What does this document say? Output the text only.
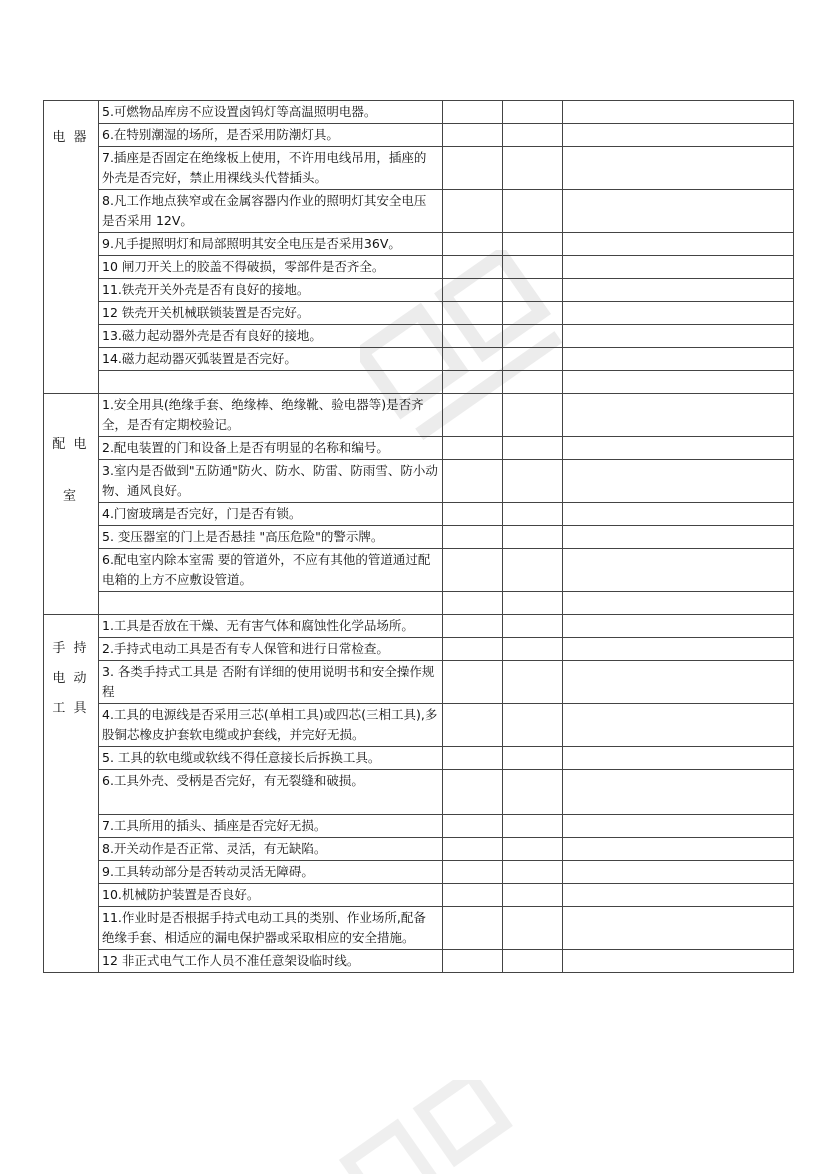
电 器	5.可燃物品库房不应设置卤钨灯等高温照明电器。			
	6.在特别潮湿的场所，是否采用防潮灯具。			
	7.插座是否固定在绝缘板上使用，不许用电线吊用，插座的外壳是否完好，禁止用裸线头代替插头。			
	8.凡工作地点狭窄或在金属容器内作业的照明灯其安全电压是否采用 12V。			
	9.凡手提照明灯和局部照明其安全电压是否采用36V。			
	10 闸刀开关上的胶盖不得破损，零部件是否齐全。			
	11.铁壳开关外壳是否有良好的接地。			
	12 铁壳开关机械联锁装置是否完好。			
	13.磁力起动器外壳是否有良好的接地。			
	14.磁力起动器灭弧装置是否完好。			

配 电
室	1.安全用具(绝缘手套、绝缘棒、绝缘靴、验电器等)是否齐全，是否有定期校验记。			
	2.配电装置的门和设备上是否有明显的名称和编号。			
	3.室内是否做到"五防通"防火、防水、防雷、防雨雪、防小动物、通风良好。			
	4.门窗玻璃是否完好，门是否有锁。			
	5. 变压器室的门上是否悬挂 "高压危险"的警示牌。			
	6.配电室内除本室需 要的管道外，不应有其他的管道通过配电箱的上方不应敷设管道。			

手 持
电 动
工 具	1.工具是否放在干燥、无有害气体和腐蚀性化学品场所。			
	2.手持式电动工具是否有专人保管和进行日常检查。			
	3. 各类手持式工具是 否附有详细的使用说明书和安全操作规程			
	4.工具的电源线是否采用三芯(单相工具)或四芯(三相工具),多股铜芯橡皮护套软电缆或护套线，并完好无损。			
	5. 工具的软电缆或软线不得任意接长后拆换工具。			
	6.工具外壳、受柄是否完好，有无裂缝和破损。			
	7.工具所用的插头、插座是否完好无损。			
	8.开关动作是否正常、灵活，有无缺陷。			
	9.工具转动部分是否转动灵活无障碍。			
	10.机械防护装置是否良好。			
	11.作业时是否根据手持式电动工具的类别、作业场所,配备绝缘手套、相适应的漏电保护器或采取相应的安全措施。			
	12 非正式电气工作人员不准任意架设临时线。			
